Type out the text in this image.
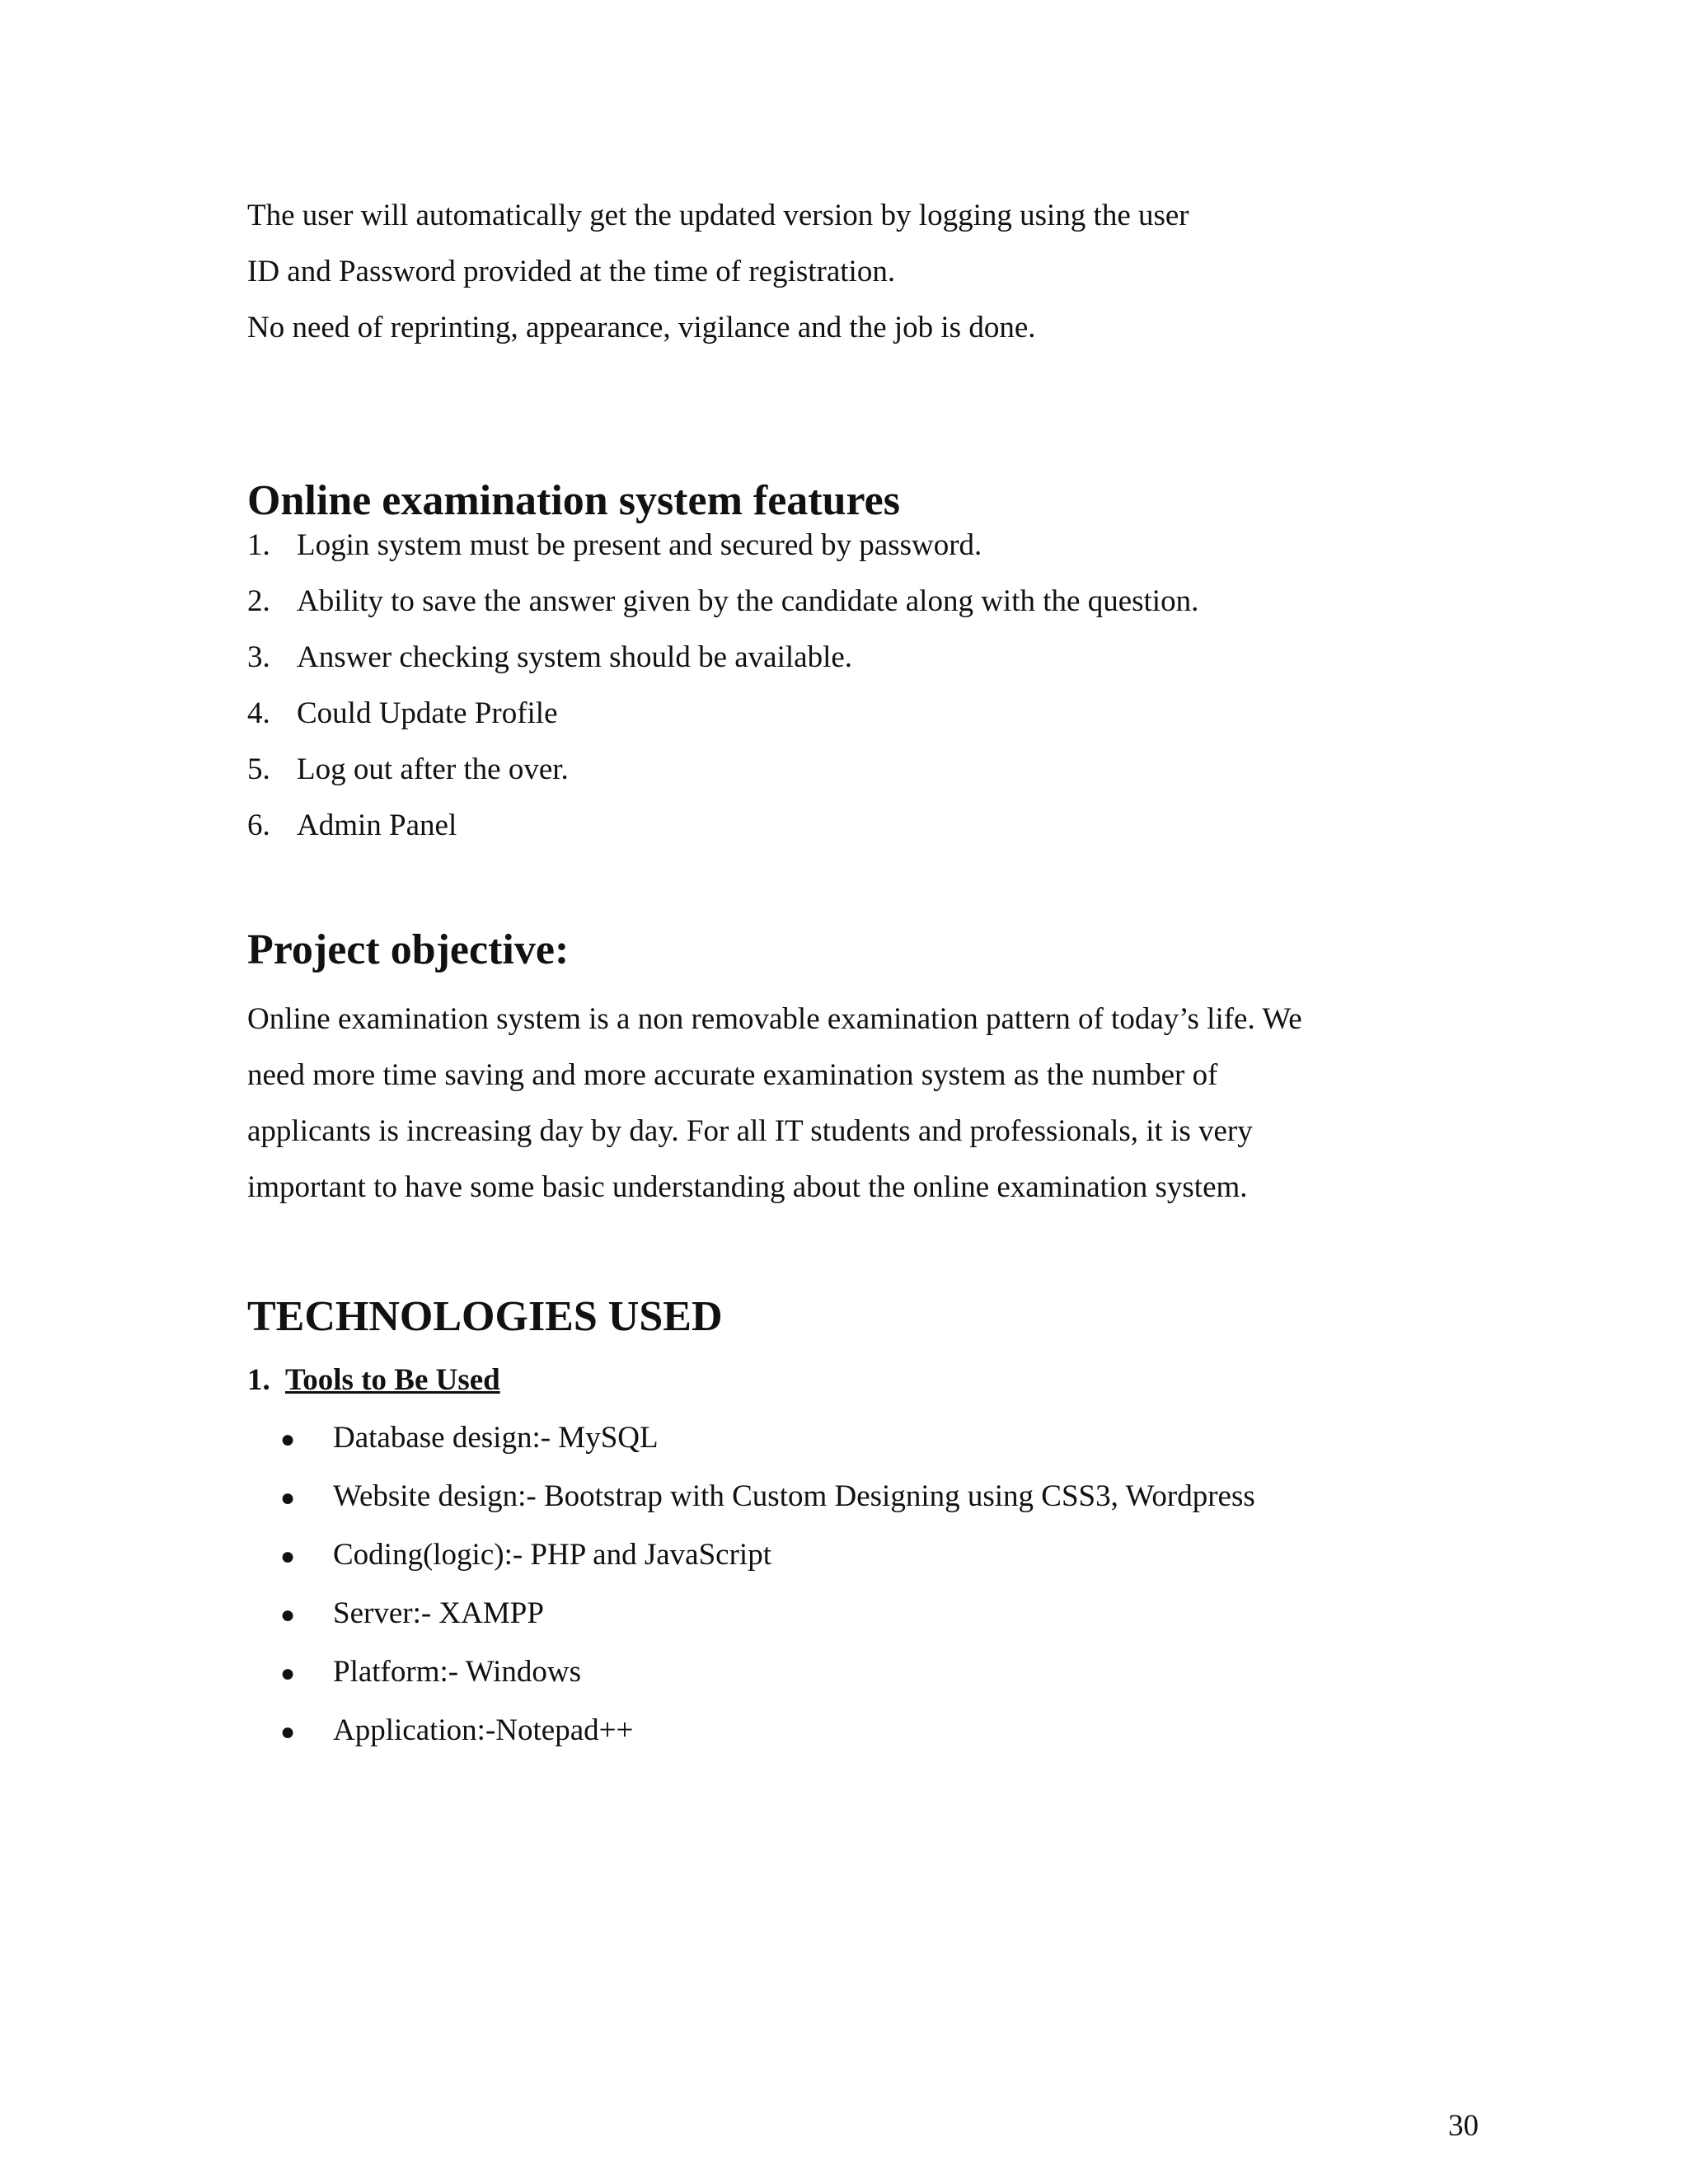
The user will automatically get the updated version by logging using the user
ID and Password provided at the time of registration.
No need of reprinting, appearance, vigilance and the job is done.
Online examination system features
1. Login system must be present and secured by password.
2. Ability to save the answer given by the candidate along with the question.
3. Answer checking system should be available.
4. Could Update Profile
5. Log out after the over.
6. Admin Panel
Project objective:
Online examination system is a non removable examination pattern of today’s life. We
need more time saving and more accurate examination system as the number of
applicants is increasing day by day. For all IT students and professionals, it is very
important to have some basic understanding about the online examination system.
TECHNOLOGIES USED
1. Tools to Be Used
● Database design:- MySQL
● Website design:- Bootstrap with Custom Designing using CSS3, Wordpress
● Coding(logic):- PHP and JavaScript
● Server:- XAMPP
● Platform:- Windows
● Application:-Notepad++
30
